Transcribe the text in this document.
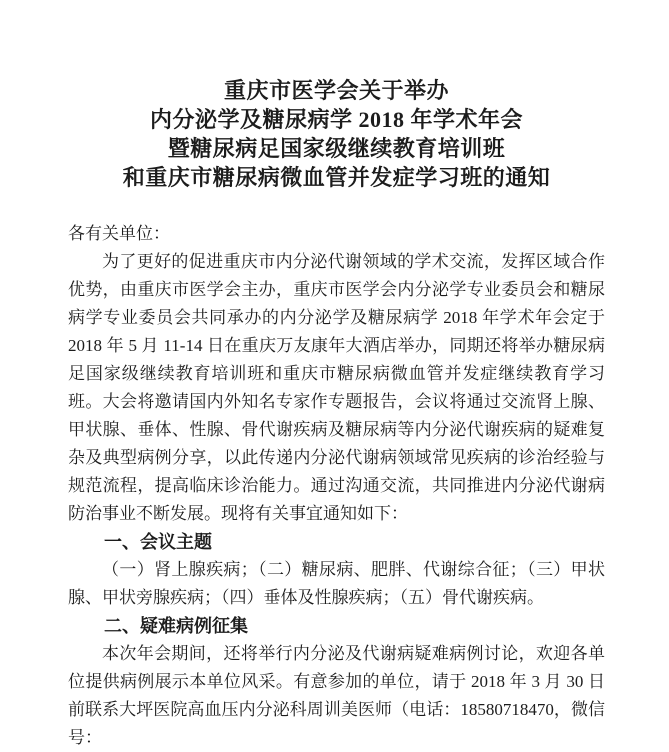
重庆市医学会关于举办
内分泌学及糖尿病学 2018 年学术年会
暨糖尿病足国家级继续教育培训班
和重庆市糖尿病微血管并发症学习班的通知

各有关单位：

为了更好的促进重庆市内分泌代谢领域的学术交流，发挥区域合作优势，由重庆市医学会主办，重庆市医学会内分泌学专业委员会和糖尿病学专业委员会共同承办的内分泌学及糖尿病学 2018 年学术年会定于 2018 年 5 月 11-14 日在重庆万友康年大酒店举办，同期还将举办糖尿病足国家级继续教育培训班和重庆市糖尿病微血管并发症继续教育学习班。大会将邀请国内外知名专家作专题报告，会议将通过交流肾上腺、甲状腺、垂体、性腺、骨代谢疾病及糖尿病等内分泌代谢疾病的疑难复杂及典型病例分享，以此传递内分泌代谢病领域常见疾病的诊治经验与规范流程，提高临床诊治能力。通过沟通交流，共同推进内分泌代谢病防治事业不断发展。现将有关事宜通知如下：

一、会议主题

（一）肾上腺疾病；（二）糖尿病、肥胖、代谢综合征；（三）甲状腺、甲状旁腺疾病；（四）垂体及性腺疾病；（五）骨代谢疾病。

二、疑难病例征集

本次年会期间，还将举行内分泌及代谢病疑难病例讨论，欢迎各单位提供病例展示本单位风采。有意参加的单位，请于 2018 年 3 月 30 日前联系大坪医院高血压内分泌科周训美医师（电话：18580718470，微信号：
